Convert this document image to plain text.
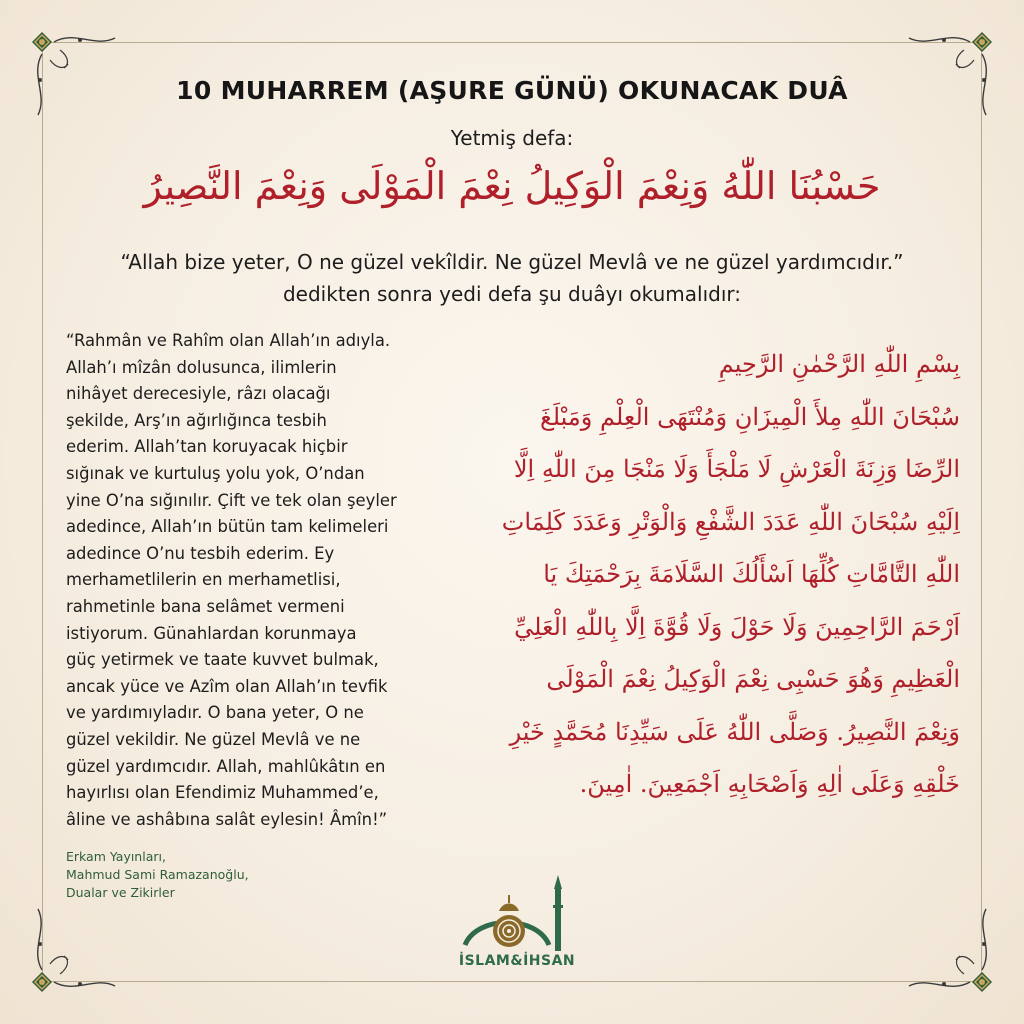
10 MUHARREM (AŞURE GÜNÜ) OKUNACAK DUÂ
Yetmiş defa:
حَسْبُنَا اللّٰهُ وَنِعْمَ الْوَكِيلُ نِعْمَ الْمَوْلَى وَنِعْمَ النَّصِيرُ
“Allah bize yeter, O ne güzel vekîldir. Ne güzel Mevlâ ve ne güzel yardımcıdır.”
dedikten sonra yedi defa şu duâyı okumalıdır:
“Rahmân ve Rahîm olan Allah’ın adıyla.
Allah’ı mîzân dolusunca, ilimlerin
nihâyet derecesiyle, râzı olacağı
şekilde, Arş’ın ağırlığınca tesbih
ederim. Allah’tan koruyacak hiçbir
sığınak ve kurtuluş yolu yok, O’ndan
yine O’na sığınılır. Çift ve tek olan şeyler
adedince, Allah’ın bütün tam kelimeleri
adedince O’nu tesbih ederim. Ey
merhametlilerin en merhametlisi,
rahmetinle bana selâmet vermeni
istiyorum. Günahlardan korunmaya
güç yetirmek ve taate kuvvet bulmak,
ancak yüce ve Azîm olan Allah’ın tevfik
ve yardımıyladır. O bana yeter, O ne
güzel vekildir. Ne güzel Mevlâ ve ne
güzel yardımcıdır. Allah, mahlûkâtın en
hayırlısı olan Efendimiz Muhammed’e,
âline ve ashâbına salât eylesin! Âmîn!”
Erkam Yayınları,
Mahmud Sami Ramazanoğlu,
Dualar ve Zikirler
بِسْمِ اللّٰهِ الرَّحْمٰنِ الرَّحِيمِ
سُبْحَانَ اللّٰهِ مِلأَ الْمِيزَانِ وَمُنْتَهَى الْعِلْمِ وَمَبْلَغَ
الرِّضَا وَزِنَةَ الْعَرْشِ لَا مَلْجَأَ وَلَا مَنْجَا مِنَ اللّٰهِ اِلَّا
اِلَيْهِ سُبْحَانَ اللّٰهِ عَدَدَ الشَّفْعِ وَالْوَتْرِ وَعَدَدَ كَلِمَاتِ
اللّٰهِ التَّامَّاتِ كُلِّهَا اَسْأَلُكَ السَّلَامَةَ بِرَحْمَتِكَ يَا
اَرْحَمَ الرَّاحِمِينَ وَلَا حَوْلَ وَلَا قُوَّةَ اِلَّا بِاللّٰهِ الْعَلِيِّ
الْعَظِيمِ وَهُوَ حَسْبِى نِعْمَ الْوَكِيلُ نِعْمَ الْمَوْلَى
وَنِعْمَ النَّصِيرُ. وَصَلَّى اللّٰهُ عَلَى سَيِّدِنَا مُحَمَّدٍ خَيْرِ
خَلْقِهِ وَعَلَى اٰلِهِ وَاَصْحَابِهِ اَجْمَعِينَ. اٰمِينَ.
İSLAM&İHSAN
